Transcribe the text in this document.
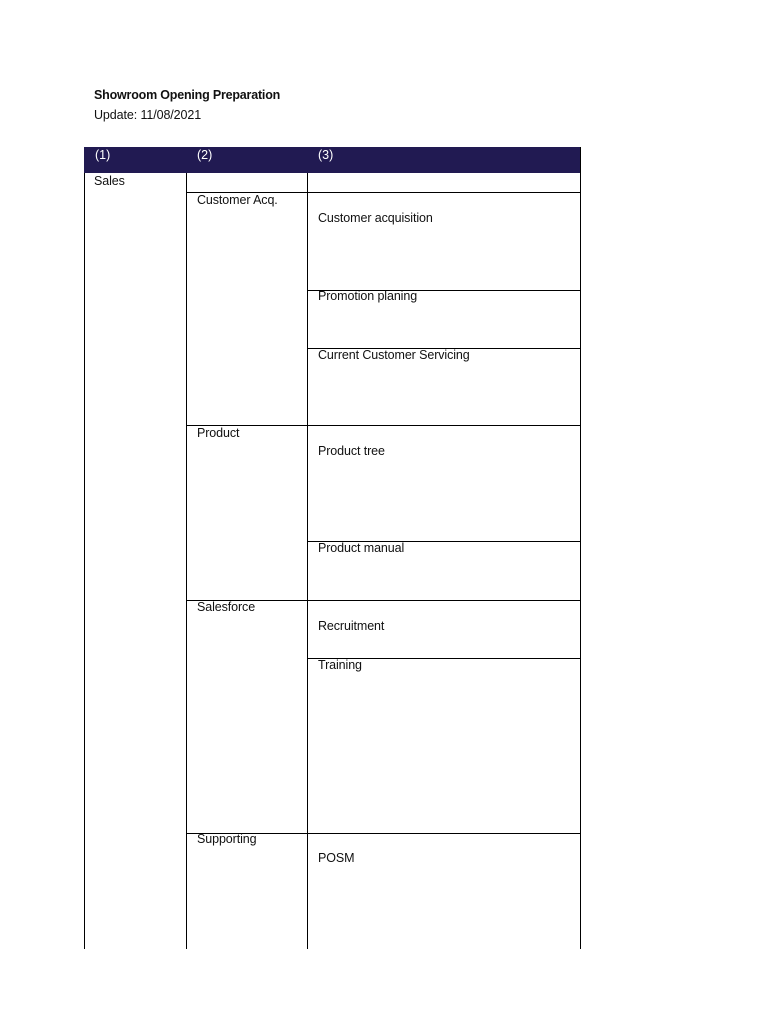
Showroom Opening Preparation
Update: 11/08/2021
(1)	(2)	(3)
Sales
Customer Acq.
Product
Salesforce
Supporting
Customer acquisition
Promotion planing
Current Customer Servicing
Product tree
Product manual
Recruitment
Training
POSM
